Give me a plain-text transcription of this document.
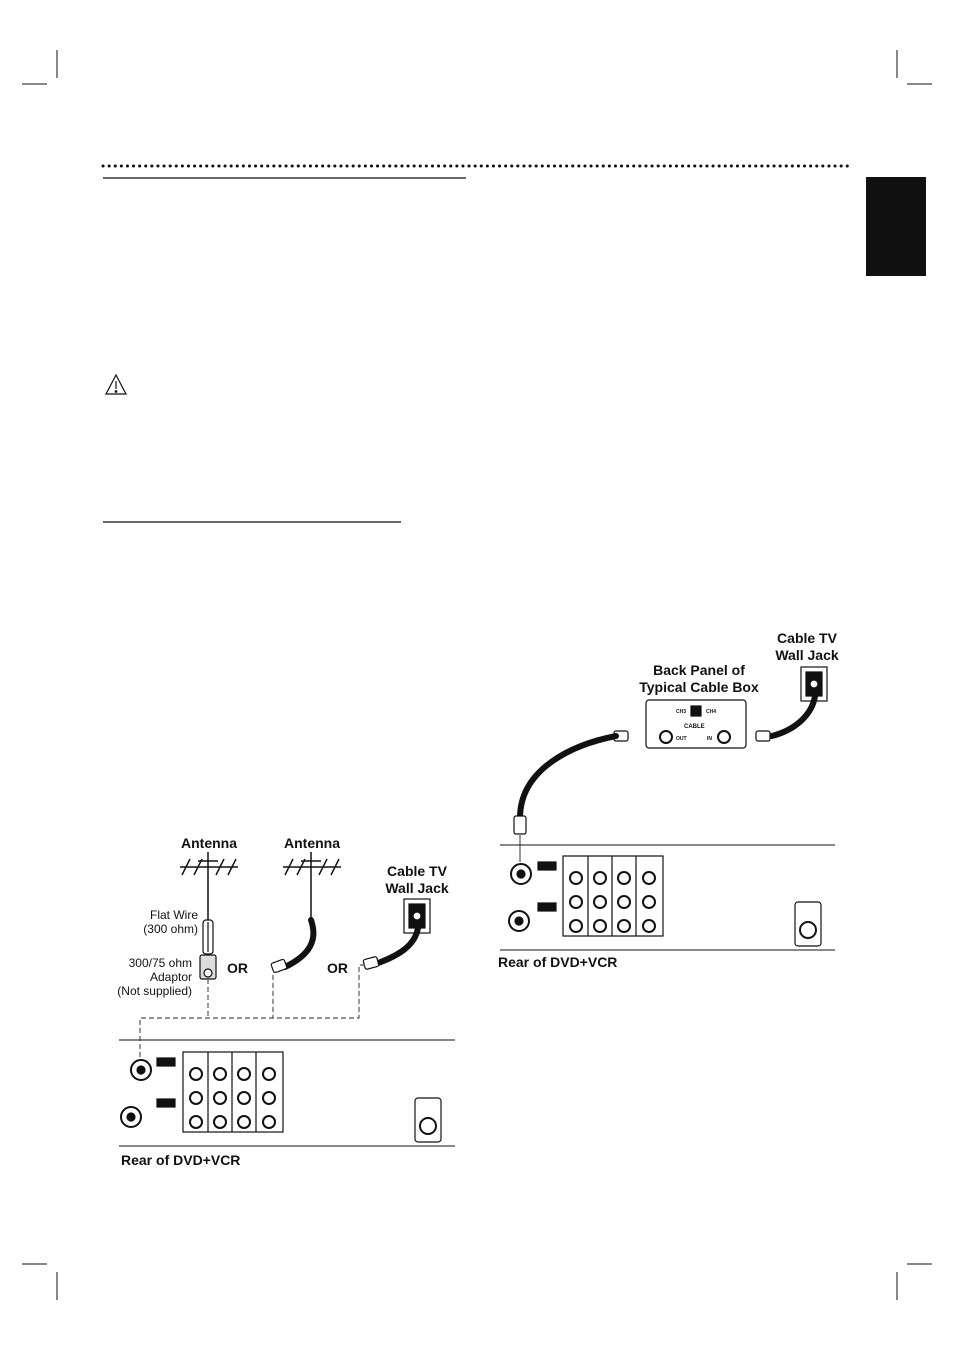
Antenna	Antenna
Cable TV
Wall Jack
Flat Wire
(300 ohm)
300/75 ohm
Adaptor
(Not supplied)
OR	OR
Rear of DVD+VCR
CH3	CH4
CABLE
OUT	IN
Cable TV
Wall Jack
Back Panel of
Typical Cable Box
Rear of DVD+VCR
